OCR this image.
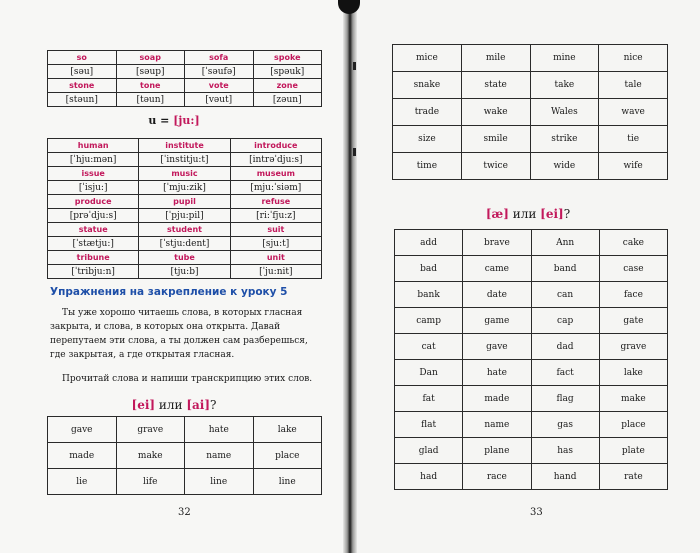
so	soap	sofa	spoke
[səu]	[səup]	[ˈsəufə]	[spəuk]
stone	tone	vote	zone
[stəun]	[təun]	[vəut]	[zəun]
u = [ju:]
human	institute	introduce
[ˈhju:mən]	[ˈinstitju:t]	[intrəˈdju:s]
issue	music	museum
[ˈisju:]	[ˈmju:zik]	[mju:ˈsiəm]
produce	pupil	refuse
[prəˈdju:s]	[ˈpju:pil]	[ri:ˈfju:z]
statue	student	suit
[ˈstætju:]	[ˈstju:dent]	[sju:t]
tribune	tube	unit
[ˈtribju:n]	[tju:b]	[ˈju:nit]
Упражнения на закрепление к уроку 5

Ты уже хорошо читаешь слова, в которых гласная закрыта, и слова, в которых она открыта. Давай перепутаем эти слова, а ты должен сам разберешься, где закрытая, а где открытая гласная.

Прочитай слова и напиши транскрипцию этих слов.

[ei] или [ai]?
gave	grave	hate	lake
made	make	name	place
lie	life	line	line
32
mice	mile	mine	nice
snake	state	take	tale
trade	wake	Wales	wave
size	smile	strike	tie
time	twice	wide	wife
add	brave	Ann	cake
bad	came	band	case
bank	date	can	face
camp	game	cap	gate
cat	gave	dad	grave
Dan	hate	fact	lake
fat	made	flag	make
flat	name	gas	place
glad	plane	has	plate
had	race	hand	rate
33
[æ] или [ei]?
